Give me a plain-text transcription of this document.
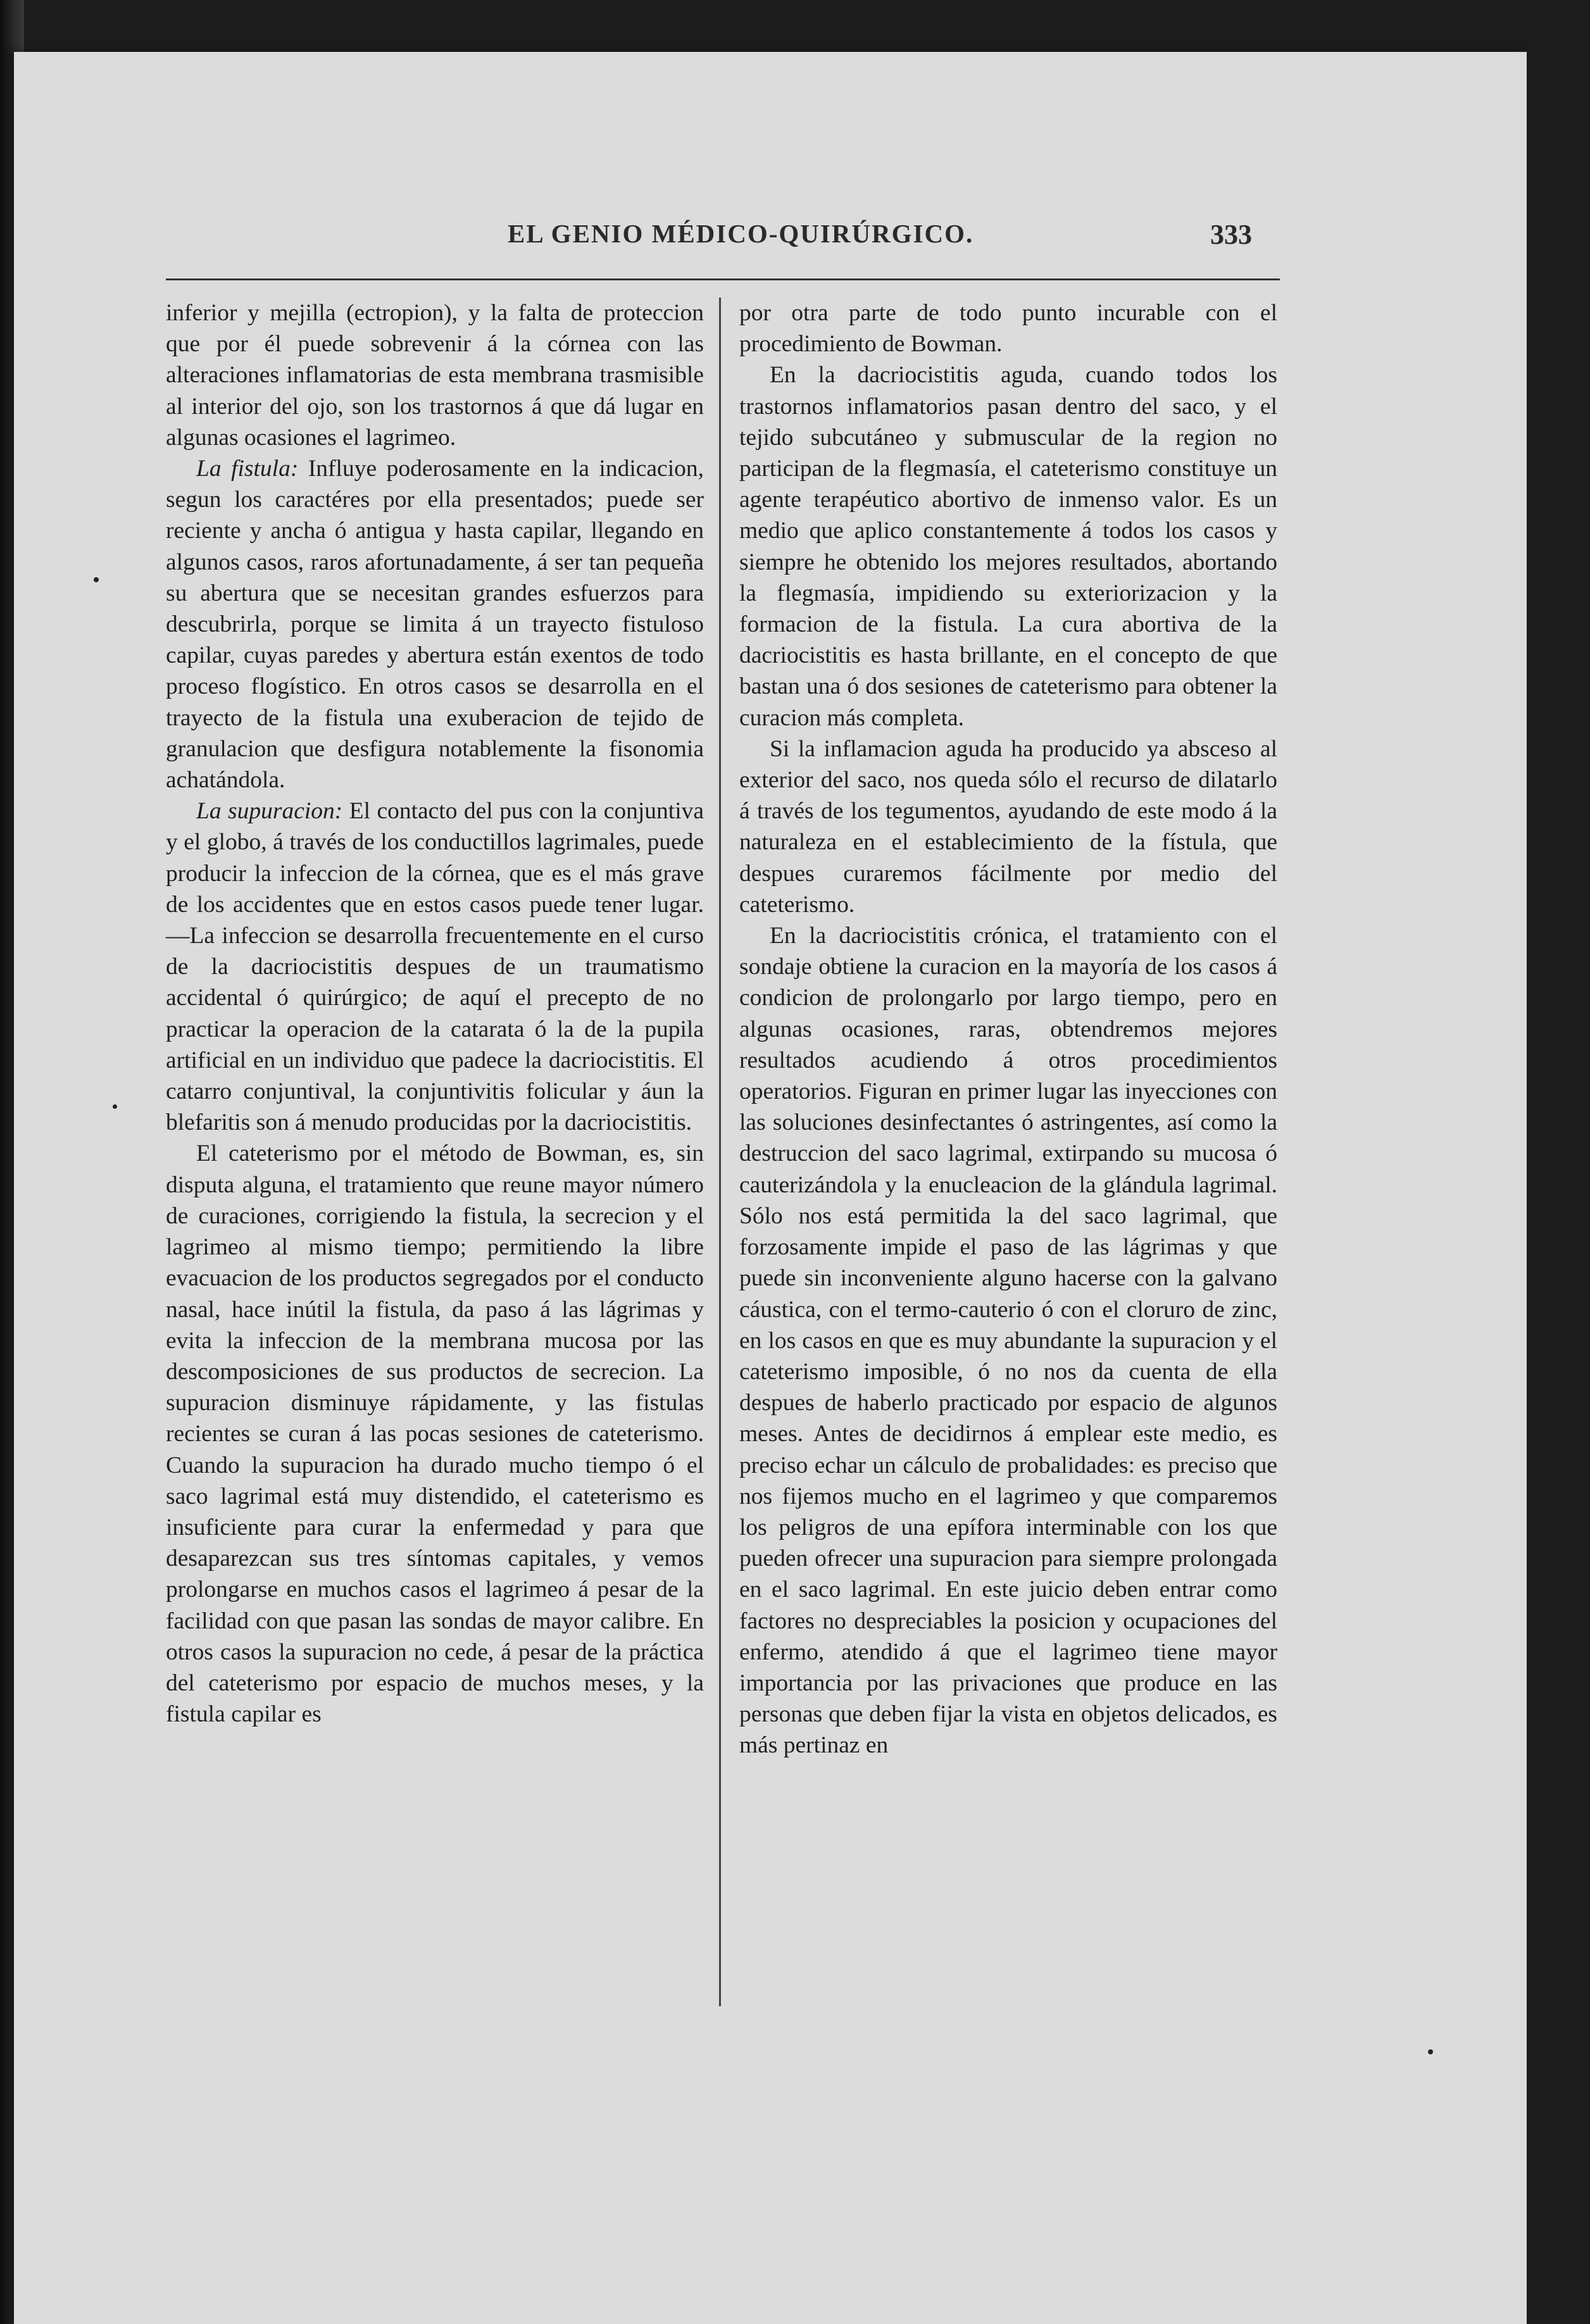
EL GENIO MÉDICO-QUIRÚRGICO.	333

inferior y mejilla (ectropion), y la falta de proteccion que por él puede sobrevenir á la córnea con las alteraciones inflamatorias de esta membrana trasmisible al interior del ojo, son los trastornos á que dá lugar en algunas ocasiones el lagrimeo.

La fistula: Influye poderosamente en la indicacion, segun los caractéres por ella presentados; puede ser reciente y ancha ó antigua y hasta capilar, llegando en algunos casos, raros afortunadamente, á ser tan pequeña su abertura que se necesitan grandes esfuerzos para descubrirla, porque se limita á un trayecto fistuloso capilar, cuyas paredes y abertura están exentos de todo proceso flogístico. En otros casos se desarrolla en el trayecto de la fistula una exuberacion de tejido de granulacion que desfigura notablemente la fisonomia achatándola.

La supuracion: El contacto del pus con la conjuntiva y el globo, á través de los conductillos lagrimales, puede producir la infeccion de la córnea, que es el más grave de los accidentes que en estos casos puede tener lugar.—La infeccion se desarrolla frecuentemente en el curso de la dacriocistitis despues de un traumatismo accidental ó quirúrgico; de aquí el precepto de no practicar la operacion de la catarata ó la de la pupila artificial en un individuo que padece la dacriocistitis. El catarro conjuntival, la conjuntivitis folicular y áun la blefaritis son á menudo producidas por la dacriocistitis.

El cateterismo por el método de Bowman, es, sin disputa alguna, el tratamiento que reune mayor número de curaciones, corrigiendo la fistula, la secrecion y el lagrimeo al mismo tiempo; permitiendo la libre evacuacion de los productos segregados por el conducto nasal, hace inútil la fistula, da paso á las lágrimas y evita la infeccion de la membrana mucosa por las descomposiciones de sus productos de secrecion. La supuracion disminuye rápidamente, y las fistulas recientes se curan á las pocas sesiones de cateterismo. Cuando la supuracion ha durado mucho tiempo ó el saco lagrimal está muy distendido, el cateterismo es insuficiente para curar la enfermedad y para que desaparezcan sus tres síntomas capitales, y vemos prolongarse en muchos casos el lagrimeo á pesar de la facilidad con que pasan las sondas de mayor calibre. En otros casos la supuracion no cede, á pesar de la práctica del cateterismo por espacio de muchos meses, y la fistula capilar es

por otra parte de todo punto incurable con el procedimiento de Bowman.

En la dacriocistitis aguda, cuando todos los trastornos inflamatorios pasan dentro del saco, y el tejido subcutáneo y submuscular de la region no participan de la flegmasía, el cateterismo constituye un agente terapéutico abortivo de inmenso valor. Es un medio que aplico constantemente á todos los casos y siempre he obtenido los mejores resultados, abortando la flegmasía, impidiendo su exteriorizacion y la formacion de la fistula. La cura abortiva de la dacriocistitis es hasta brillante, en el concepto de que bastan una ó dos sesiones de cateterismo para obtener la curacion más completa.

Si la inflamacion aguda ha producido ya absceso al exterior del saco, nos queda sólo el recurso de dilatarlo á través de los tegumentos, ayudando de este modo á la naturaleza en el establecimiento de la fístula, que despues curaremos fácilmente por medio del cateterismo.

En la dacriocistitis crónica, el tratamiento con el sondaje obtiene la curacion en la mayoría de los casos á condicion de prolongarlo por largo tiempo, pero en algunas ocasiones, raras, obtendremos mejores resultados acudiendo á otros procedimientos operatorios. Figuran en primer lugar las inyecciones con las soluciones desinfectantes ó astringentes, así como la destruccion del saco lagrimal, extirpando su mucosa ó cauterizándola y la enucleacion de la glándula lagrimal. Sólo nos está permitida la del saco lagrimal, que forzosamente impide el paso de las lágrimas y que puede sin inconveniente alguno hacerse con la galvano cáustica, con el termo-cauterio ó con el cloruro de zinc, en los casos en que es muy abundante la supuracion y el cateterismo imposible, ó no nos da cuenta de ella despues de haberlo practicado por espacio de algunos meses. Antes de decidirnos á emplear este medio, es preciso echar un cálculo de probalidades: es preciso que nos fijemos mucho en el lagrimeo y que comparemos los peligros de una epífora interminable con los que pueden ofrecer una supuracion para siempre prolongada en el saco lagrimal. En este juicio deben entrar como factores no despreciables la posicion y ocupaciones del enfermo, atendido á que el lagrimeo tiene mayor importancia por las privaciones que produce en las personas que deben fijar la vista en objetos delicados, es más pertinaz en
